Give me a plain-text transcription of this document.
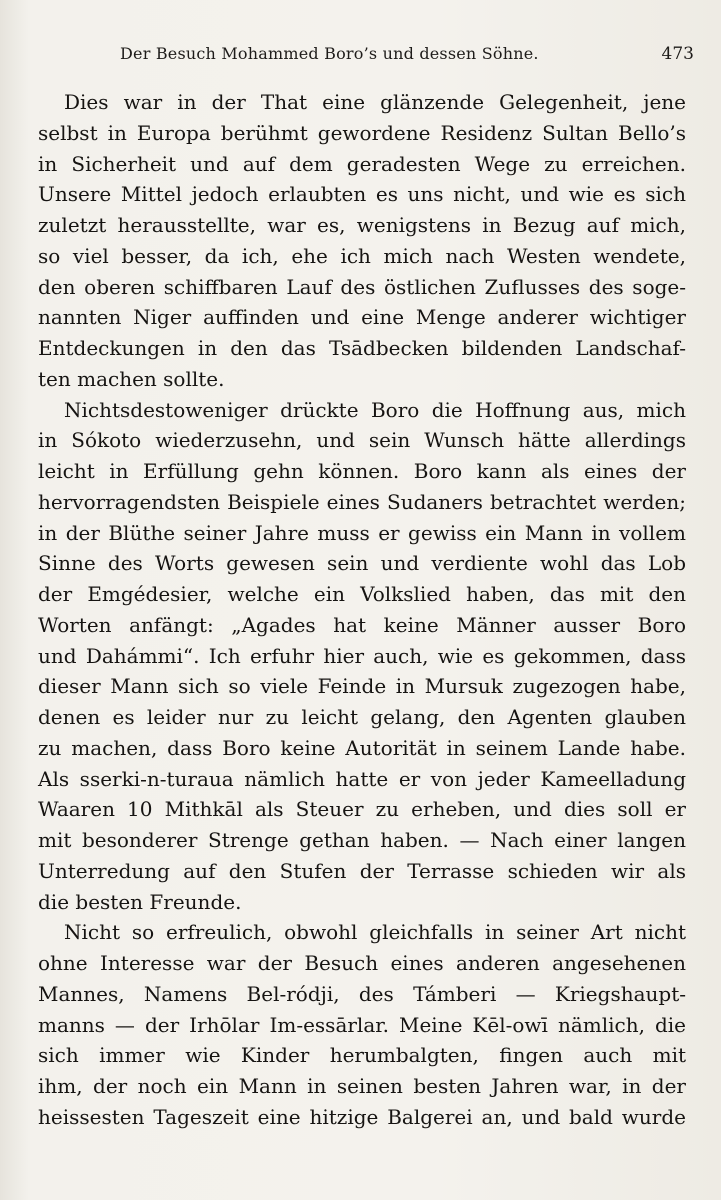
Der Besuch Mohammed Boro’s und dessen Söhne.	473
Dies war in der That eine glänzende Gelegenheit, jene
selbst in Europa berühmt gewordene Residenz Sultan Bello’s
in Sicherheit und auf dem geradesten Wege zu erreichen.
Unsere Mittel jedoch erlaubten es uns nicht, und wie es sich
zuletzt herausstellte, war es, wenigstens in Bezug auf mich,
so viel besser, da ich, ehe ich mich nach Westen wendete,
den oberen schiffbaren Lauf des östlichen Zuflusses des soge-
nannten Niger auffinden und eine Menge anderer wichtiger
Entdeckungen in den das Tsādbecken bildenden Landschaf-
ten machen sollte.
Nichtsdestoweniger drückte Boro die Hoffnung aus, mich
in Sókoto wiederzusehn, und sein Wunsch hätte allerdings
leicht in Erfüllung gehn können. Boro kann als eines der
hervorragendsten Beispiele eines Sudaners betrachtet werden;
in der Blüthe seiner Jahre muss er gewiss ein Mann in vollem
Sinne des Worts gewesen sein und verdiente wohl das Lob
der Emgédesier, welche ein Volkslied haben, das mit den
Worten anfängt: „Agades hat keine Männer ausser Boro
und Dahámmi“. Ich erfuhr hier auch, wie es gekommen, dass
dieser Mann sich so viele Feinde in Mursuk zugezogen habe,
denen es leider nur zu leicht gelang, den Agenten glauben
zu machen, dass Boro keine Autorität in seinem Lande habe.
Als sserki-n-turaua nämlich hatte er von jeder Kameelladung
Waaren 10 Mithkāl als Steuer zu erheben, und dies soll er
mit besonderer Strenge gethan haben. — Nach einer langen
Unterredung auf den Stufen der Terrasse schieden wir als
die besten Freunde.
Nicht so erfreulich, obwohl gleichfalls in seiner Art nicht
ohne Interesse war der Besuch eines anderen angesehenen
Mannes, Namens Bel-ródji, des Támberi — Kriegshaupt-
manns — der Irhōlar Im-essārlar. Meine Kēl-owī nämlich, die
sich immer wie Kinder herumbalgten, fingen auch mit
ihm, der noch ein Mann in seinen besten Jahren war, in der
heissesten Tageszeit eine hitzige Balgerei an, und bald wurde
